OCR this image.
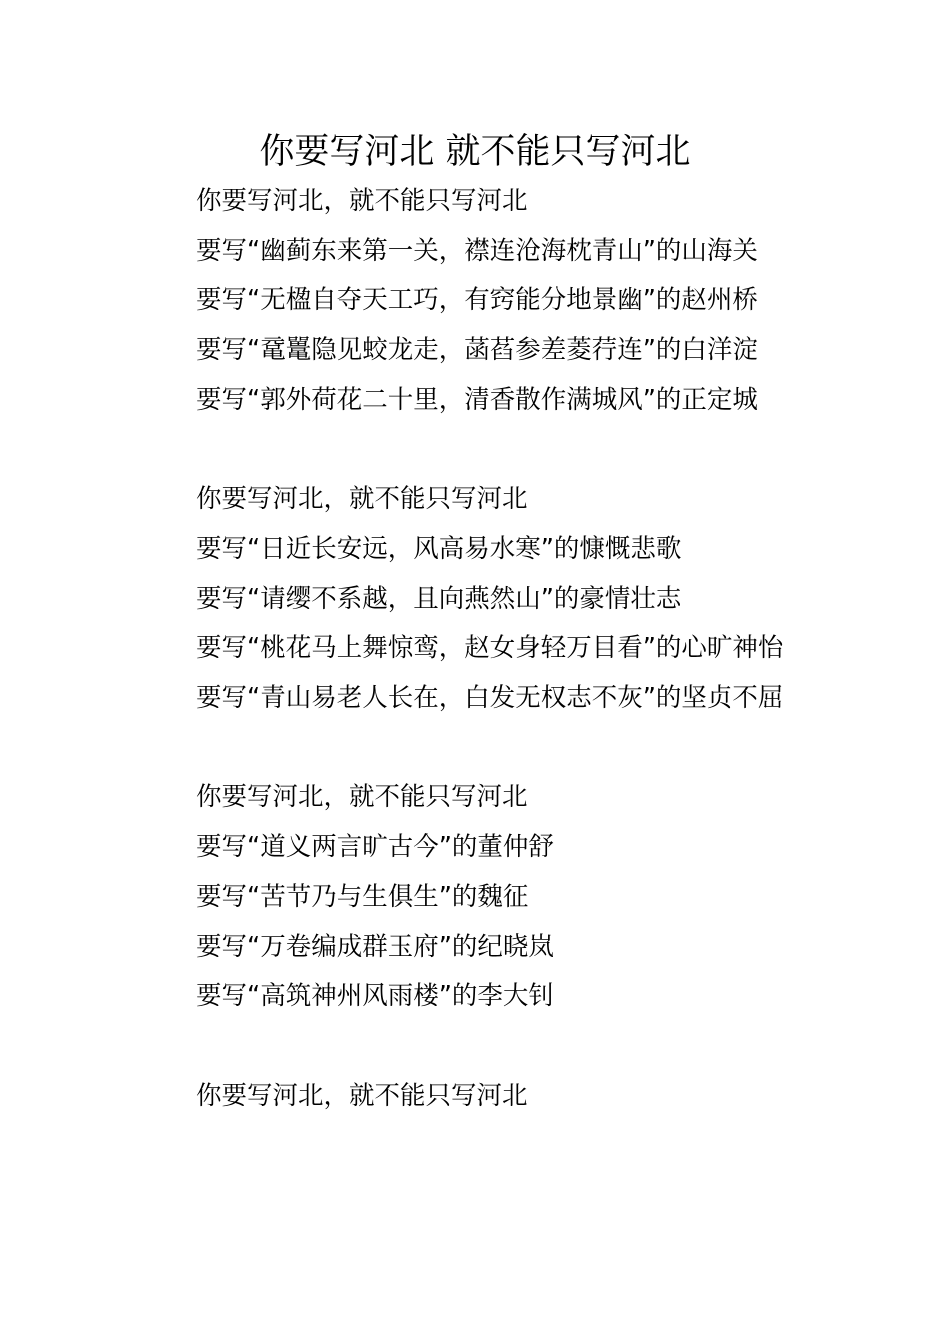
你要写河北 就不能只写河北

你要写河北，就不能只写河北

要写“幽蓟东来第一关，襟连沧海枕青山”的山海关

要写“无楹自夺天工巧，有窍能分地景幽”的赵州桥

要写“鼋鼍隐见蛟龙走，菡萏参差菱荇连”的白洋淀

要写“郭外荷花二十里，清香散作满城风”的正定城

你要写河北，就不能只写河北

要写“日近长安远，风高易水寒”的慷慨悲歌

要写“请缨不系越，且向燕然山”的豪情壮志

要写“桃花马上舞惊鸾，赵女身轻万目看”的心旷神怡

要写“青山易老人长在，白发无权志不灰”的坚贞不屈

你要写河北，就不能只写河北

要写“道义两言旷古今”的董仲舒

要写“苦节乃与生俱生”的魏征

要写“万卷编成群玉府”的纪晓岚

要写“高筑神州风雨楼”的李大钊

你要写河北，就不能只写河北
